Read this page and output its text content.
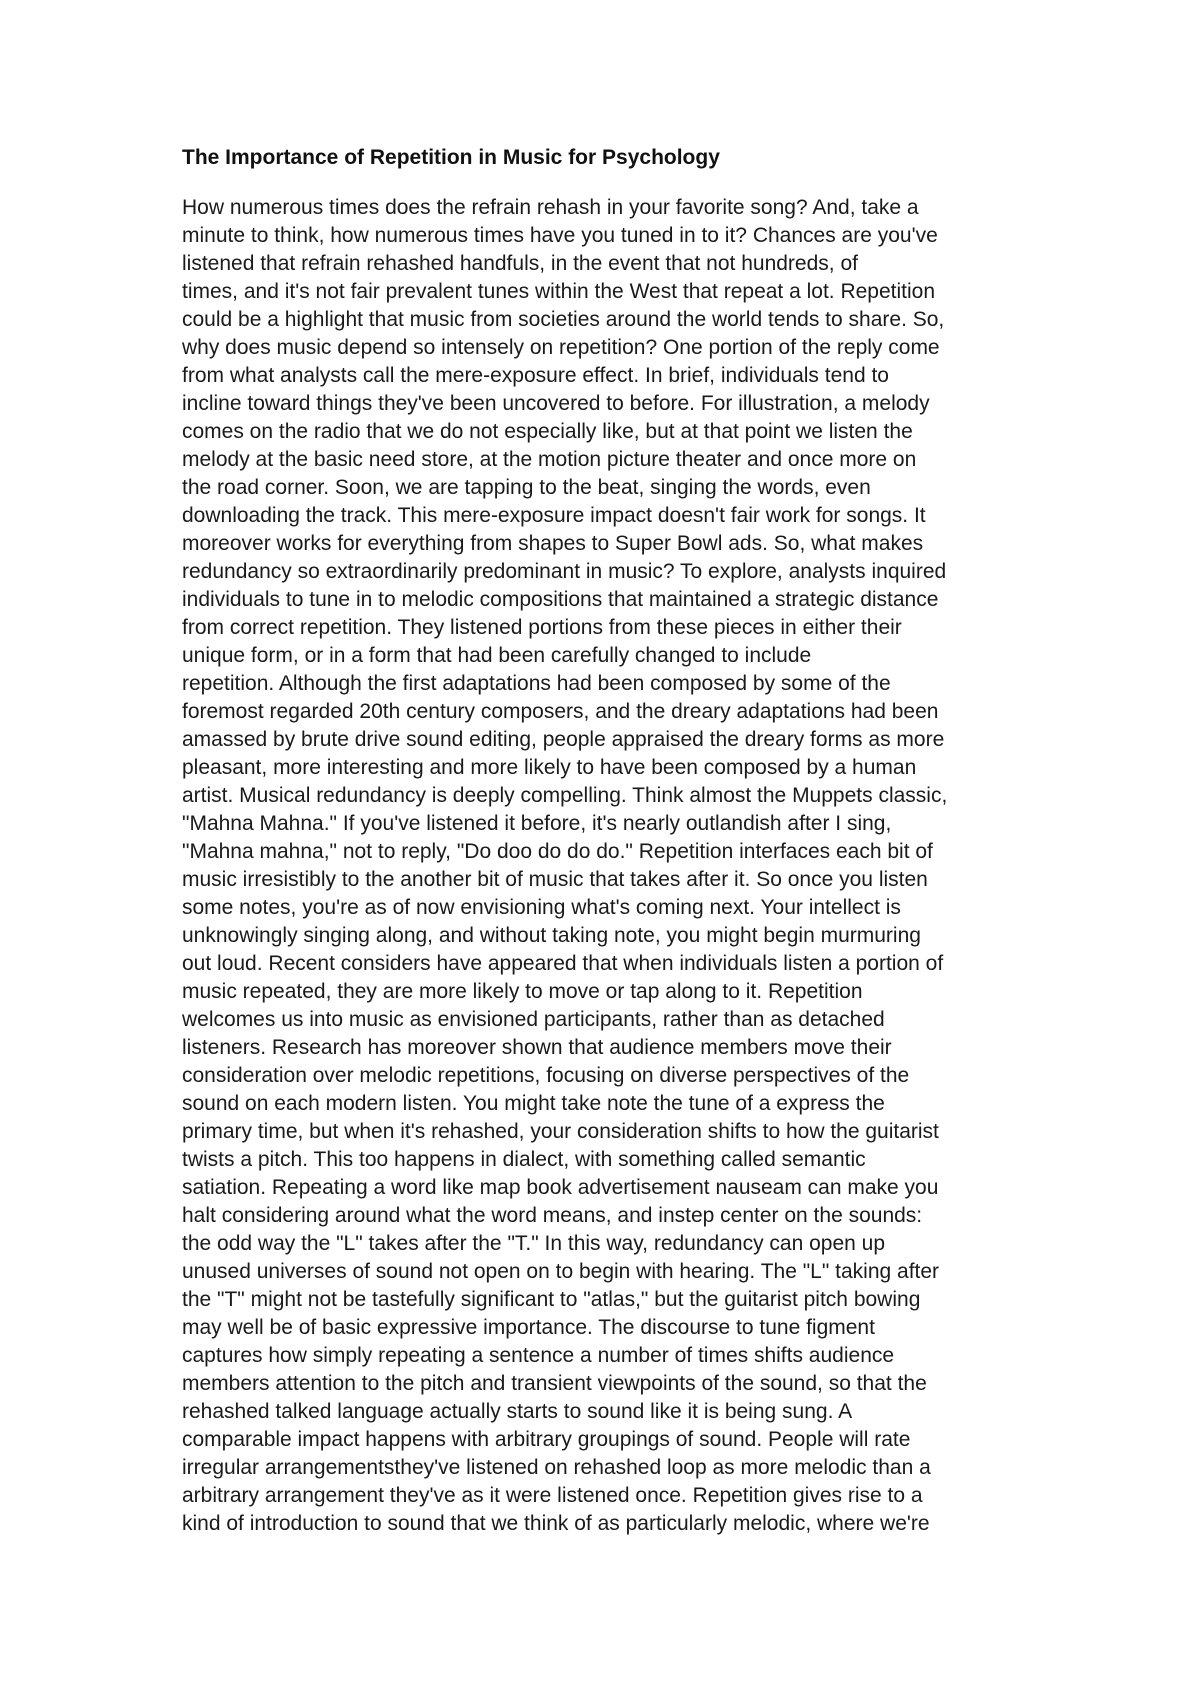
The Importance of Repetition in Music for Psychology
How numerous times does the refrain rehash in your favorite song? And, take a
minute to think, how numerous times have you tuned in to it? Chances are you've
listened that refrain rehashed handfuls, in the event that not hundreds, of
times, and it's not fair prevalent tunes within the West that repeat a lot. Repetition
could be a highlight that music from societies around the world tends to share. So,
why does music depend so intensely on repetition? One portion of the reply come
from what analysts call the mere-exposure effect. In brief, individuals tend to
incline toward things they've been uncovered to before. For illustration, a melody
comes on the radio that we do not especially like, but at that point we listen the
melody at the basic need store, at the motion picture theater and once more on
the road corner. Soon, we are tapping to the beat, singing the words, even
downloading the track. This mere-exposure impact doesn't fair work for songs. It
moreover works for everything from shapes to Super Bowl ads. So, what makes
redundancy so extraordinarily predominant in music? To explore, analysts inquired
individuals to tune in to melodic compositions that maintained a strategic distance
from correct repetition. They listened portions from these pieces in either their
unique form, or in a form that had been carefully changed to include
repetition. Although the first adaptations had been composed by some of the
foremost regarded 20th century composers, and the dreary adaptations had been
amassed by brute drive sound editing, people appraised the dreary forms as more
pleasant, more interesting and more likely to have been composed by a human
artist. Musical redundancy is deeply compelling. Think almost the Muppets classic,
"Mahna Mahna." If you've listened it before, it's nearly outlandish after I sing,
"Mahna mahna," not to reply, "Do doo do do do." Repetition interfaces each bit of
music irresistibly to the another bit of music that takes after it. So once you listen
some notes, you're as of now envisioning what's coming next. Your intellect is
unknowingly singing along, and without taking note, you might begin murmuring
out loud. Recent considers have appeared that when individuals listen a portion of
music repeated, they are more likely to move or tap along to it. Repetition
welcomes us into music as envisioned participants, rather than as detached
listeners. Research has moreover shown that audience members move their
consideration over melodic repetitions, focusing on diverse perspectives of the
sound on each modern listen. You might take note the tune of a express the
primary time, but when it's rehashed, your consideration shifts to how the guitarist
twists a pitch. This too happens in dialect, with something called semantic
satiation. Repeating a word like map book advertisement nauseam can make you
halt considering around what the word means, and instep center on the sounds:
the odd way the "L" takes after the "T." In this way, redundancy can open up
unused universes of sound not open on to begin with hearing. The "L" taking after
the "T" might not be tastefully significant to "atlas," but the guitarist pitch bowing
may well be of basic expressive importance. The discourse to tune figment
captures how simply repeating a sentence a number of times shifts audience
members attention to the pitch and transient viewpoints of the sound, so that the
rehashed talked language actually starts to sound like it is being sung. A
comparable impact happens with arbitrary groupings of sound. People will rate
irregular arrangementsthey've listened on rehashed loop as more melodic than a
arbitrary arrangement they've as it were listened once. Repetition gives rise to a
kind of introduction to sound that we think of as particularly melodic, where we're
